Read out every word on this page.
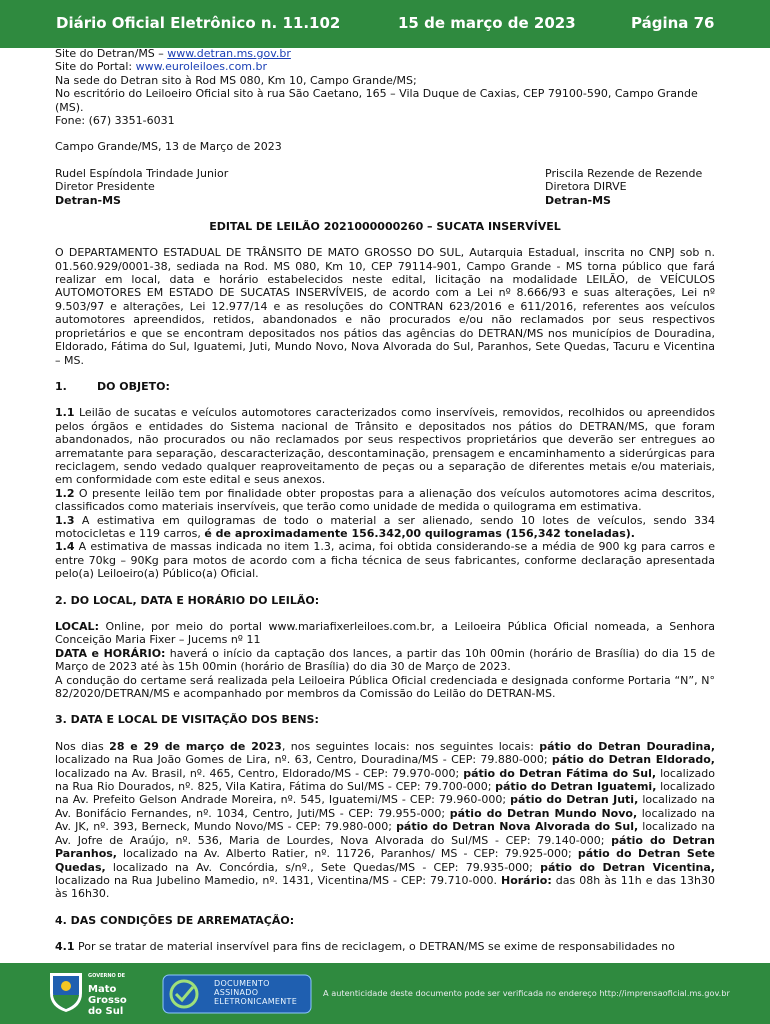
Diário Oficial Eletrônico n. 11.102	15 de março de 2023	Página 76

Site do Detran/MS – www.detran.ms.gov.br

Site do Portal: www.euroleiloes.com.br

Na sede do Detran sito à Rod MS 080, Km 10, Campo Grande/MS;

No escritório do Leiloeiro Oficial sito à rua São Caetano, 165 – Vila Duque de Caxias, CEP 79100-590, Campo Grande (MS).

Fone: (67) 3351-6031

Campo Grande/MS, 13 de Março de 2023

Rudel Espíndola Trindade Junior

Diretor Presidente

Detran-MS

Priscila Rezende de Rezende

Diretora DIRVE

Detran-MS

EDITAL DE LEILÃO 2021000000260 – SUCATA INSERVÍVEL

O DEPARTAMENTO ESTADUAL DE TRÂNSITO DE MATO GROSSO DO SUL, Autarquia Estadual, inscrita no CNPJ sob n. 01.560.929/0001-38, sediada na Rod. MS 080, Km 10, CEP 79114-901, Campo Grande - MS torna público que fará realizar em local, data e horário estabelecidos neste edital, licitação na modalidade LEILÃO, de VEÍCULOS AUTOMOTORES EM ESTADO DE SUCATAS INSERVÍVEIS, de acordo com a Lei nº 8.666/93 e suas alterações, Lei nº 9.503/97 e alterações, Lei 12.977/14 e as resoluções do CONTRAN 623/2016 e 611/2016, referentes aos veículos automotores apreendidos, retidos, abandonados e não procurados e/ou não reclamados por seus respectivos proprietários e que se encontram depositados nos pátios das agências do DETRAN/MS nos municípios de Douradina, Eldorado, Fátima do Sul, Iguatemi, Juti, Mundo Novo, Nova Alvorada do Sul, Paranhos, Sete Quedas, Tacuru e Vicentina – MS.

1.	DO OBJETO:

1.1 Leilão de sucatas e veículos automotores caracterizados como inservíveis, removidos, recolhidos ou apreendidos pelos órgãos e entidades do Sistema nacional de Trânsito e depositados nos pátios do DETRAN/MS, que foram abandonados, não procurados ou não reclamados por seus respectivos proprietários que deverão ser entregues ao arrematante para separação, descaracterização, descontaminação, prensagem e encaminhamento a siderúrgicas para reciclagem, sendo vedado qualquer reaproveitamento de peças ou a separação de diferentes metais e/ou materiais, em conformidade com este edital e seus anexos.

1.2 O presente leilão tem por finalidade obter propostas para a alienação dos veículos automotores acima descritos, classificados como materiais inservíveis, que terão como unidade de medida o quilograma em estimativa.

1.3 A estimativa em quilogramas de todo o material a ser alienado, sendo 10 lotes de veículos, sendo 334 motocicletas e 119 carros, é de aproximadamente 156.342,00 quilogramas (156,342 toneladas).

1.4 A estimativa de massas indicada no item 1.3, acima, foi obtida considerando-se a média de 900 kg para carros e entre 70kg – 90Kg para motos de acordo com a ficha técnica de seus fabricantes, conforme declaração apresentada pelo(a) Leiloeiro(a) Público(a) Oficial.

2. DO LOCAL, DATA E HORÁRIO DO LEILÃO:

LOCAL: Online, por meio do portal www.mariafixerleiloes.com.br, a Leiloeira Pública Oficial nomeada, a Senhora Conceição Maria Fixer – Jucems nº 11

DATA e HORÁRIO: haverá o início da captação dos lances, a partir das 10h 00min (horário de Brasília) do dia 15 de Março de 2023 até às 15h 00min (horário de Brasília) do dia 30 de Março de 2023.

A condução do certame será realizada pela Leiloeira Pública Oficial credenciada e designada conforme Portaria “N”, N° 82/2020/DETRAN/MS e acompanhado por membros da Comissão do Leilão do DETRAN-MS.

3. DATA E LOCAL DE VISITAÇÃO DOS BENS:

Nos dias 28 e 29 de março de 2023, nos seguintes locais: nos seguintes locais: pátio do Detran Douradina, localizado na Rua João Gomes de Lira, nº. 63, Centro, Douradina/MS - CEP: 79.880-000; pátio do Detran Eldorado, localizado na Av. Brasil, nº. 465, Centro, Eldorado/MS - CEP: 79.970-000; pátio do Detran Fátima do Sul, localizado na Rua Rio Dourados, nº. 825, Vila Katira, Fátima do Sul/MS - CEP: 79.700-000; pátio do Detran Iguatemi, localizado na Av. Prefeito Gelson Andrade Moreira, nº. 545, Iguatemi/MS - CEP: 79.960-000; pátio do Detran Juti, localizado na Av. Bonifácio Fernandes, nº. 1034, Centro, Juti/MS - CEP: 79.955-000; pátio do Detran Mundo Novo, localizado na Av. JK, nº. 393, Berneck, Mundo Novo/MS - CEP: 79.980-000; pátio do Detran Nova Alvorada do Sul, localizado na Av. Jofre de Araújo, nº. 536, Maria de Lourdes, Nova Alvorada do Sul/MS - CEP: 79.140-000; pátio do Detran Paranhos, localizado na Av. Alberto Ratier, nº. 11726, Paranhos/ MS - CEP: 79.925-000; pátio do Detran Sete Quedas, localizado na Av. Concórdia, s/nº., Sete Quedas/MS - CEP: 79.935-000; pátio do Detran Vicentina, localizado na Rua Jubelino Mamedio, nº. 1431, Vicentina/MS - CEP: 79.710-000. Horário: das 08h às 11h e das 13h30 às 16h30.

4. DAS CONDIÇÕES DE ARREMATAÇÃO:

4.1 Por se tratar de material inservível para fins de reciclagem, o DETRAN/MS se exime de responsabilidades no

GOVERNO DE
Mato
Grosso
do Sul
DOCUMENTO
ASSINADO
ELETRONICAMENTE
A autenticidade deste documento pode ser verificada no endereço http://imprensaoficial.ms.gov.br
